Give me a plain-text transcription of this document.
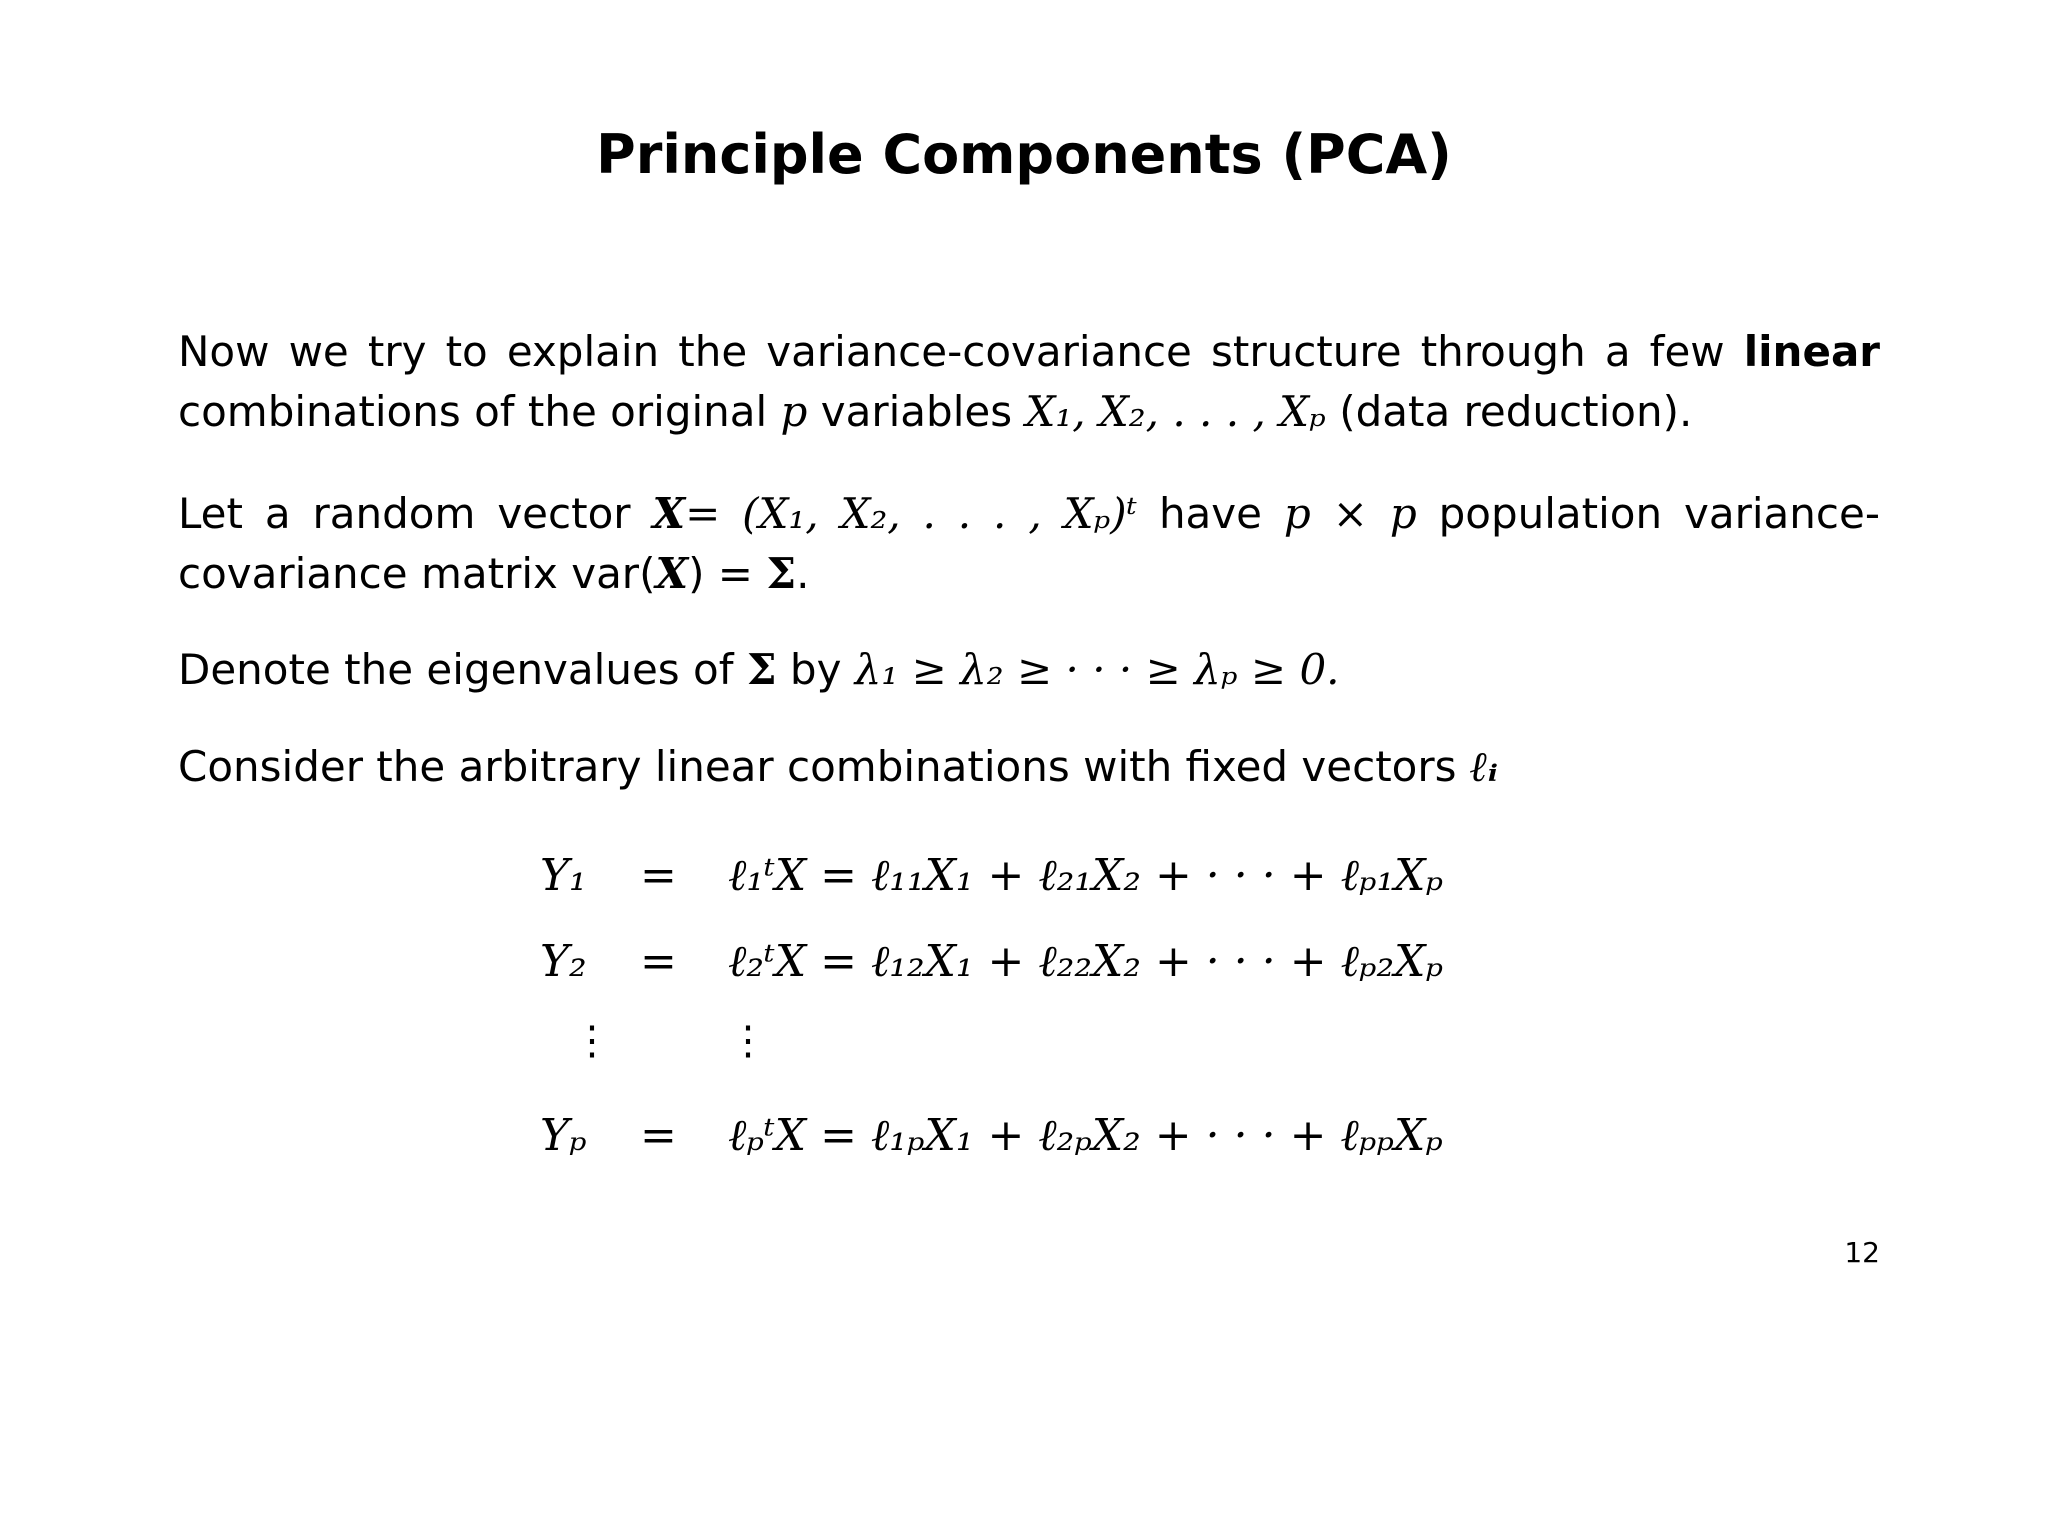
Principle Components (PCA)
Now we try to explain the variance-covariance structure through a few linear combinations of the original p variables X₁, X₂, . . . , Xₚ (data reduction).
Let a random vector X= (X₁, X₂, . . . , Xₚ)ᵗ have p × p population variance-covariance matrix var(X) = Σ.
Denote the eigenvalues of Σ by λ₁ ≥ λ₂ ≥ · · · ≥ λₚ ≥ 0.
Consider the arbitrary linear combinations with fixed vectors ℓᵢ
Y₁ = ℓ₁ᵗX = ℓ₁₁X₁ + ℓ₂₁X₂ + · · · + ℓₚ₁Xₚ
Y₂ = ℓ₂ᵗX = ℓ₁₂X₁ + ℓ₂₂X₂ + · · · + ℓₚ₂Xₚ
⋮	⋮
Yₚ = ℓₚᵗX = ℓ₁ₚX₁ + ℓ₂ₚX₂ + · · · + ℓₚₚXₚ
12
